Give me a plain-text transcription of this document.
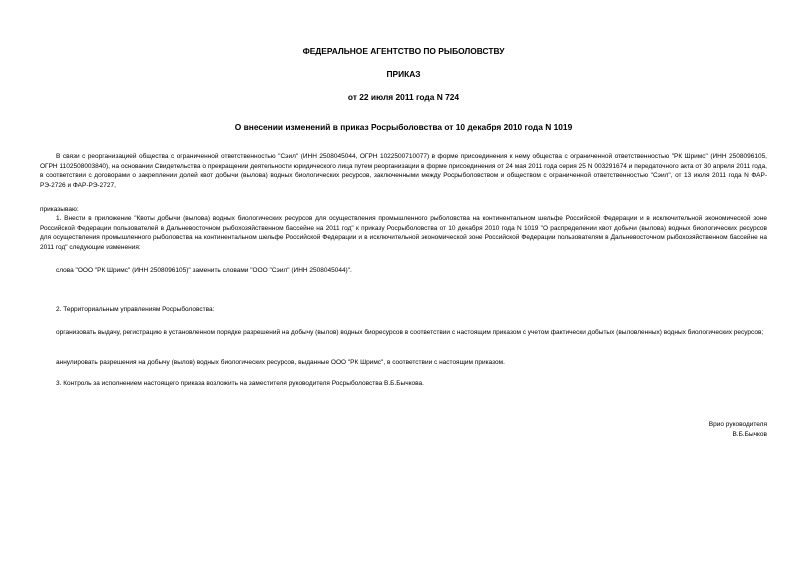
ФЕДЕРАЛЬНОЕ АГЕНТСТВО ПО РЫБОЛОВСТВУ
ПРИКАЗ
от 22 июля 2011 года N 724
О внесении изменений в приказ Росрыболовства от 10 декабря 2010 года N 1019
В связи с реорганизацией общества с ограниченной ответственностью "Сэил" (ИНН 2508045044, ОГРН 1022500710077) в форме присоединения к нему общества с ограниченной ответственностью "РК Шримс" (ИНН 2508096105, ОГРН 1102508003840), на основании Свидетельства о прекращении деятельности юридического лица путем реорганизации в форме присоединения от 24 мая 2011 года серия 25 N 003291674 и передаточного акта от 30 апреля 2011 года, в соответствии с договорами о закреплении долей квот добычи (вылова) водных биологических ресурсов, заключенными между Росрыболовством и обществом с ограниченной ответственностью "Сэил", от 13 июля 2011 года N ФАР-РЭ-2726 и ФАР-РЭ-2727,
приказываю:
1. Внести в приложение "Квоты добычи (вылова) водных биологических ресурсов для осуществления промышленного рыболовства на континентальном шельфе Российской Федерации и в исключительной экономической зоне Российской Федерации пользователей в Дальневосточном рыбохозяйственном бассейне на 2011 год" к приказу Росрыболовства от 10 декабря 2010 года N 1019 "О распределении квот добычи (вылова) водных биологических ресурсов для осуществления промышленного рыболовства на континентальном шельфе Российской Федерации и в исключительной экономической зоне Российской Федерации пользователям в Дальневосточном рыбохозяйственном бассейне на 2011 год" следующие изменения:
слова "ООО "РК Шримс" (ИНН 2508096105)" заменить словами "ООО "Сэил" (ИНН 2508045044)".
2. Территориальным управлениям Росрыболовства:
организовать выдачу, регистрацию в установленном порядке разрешений на добычу (вылов) водных биоресурсов в соответствии с настоящим приказом с учетом фактически добытых (выловленных) водных биологических ресурсов;
аннулировать разрешения на добычу (вылов) водных биологических ресурсов, выданные ООО "РК Шримс", в соответствии с настоящим приказом.
3. Контроль за исполнением настоящего приказа возложить на заместителя руководителя Росрыболовства В.Б.Бычкова.
Врио руководителя
В.Б.Бычков
